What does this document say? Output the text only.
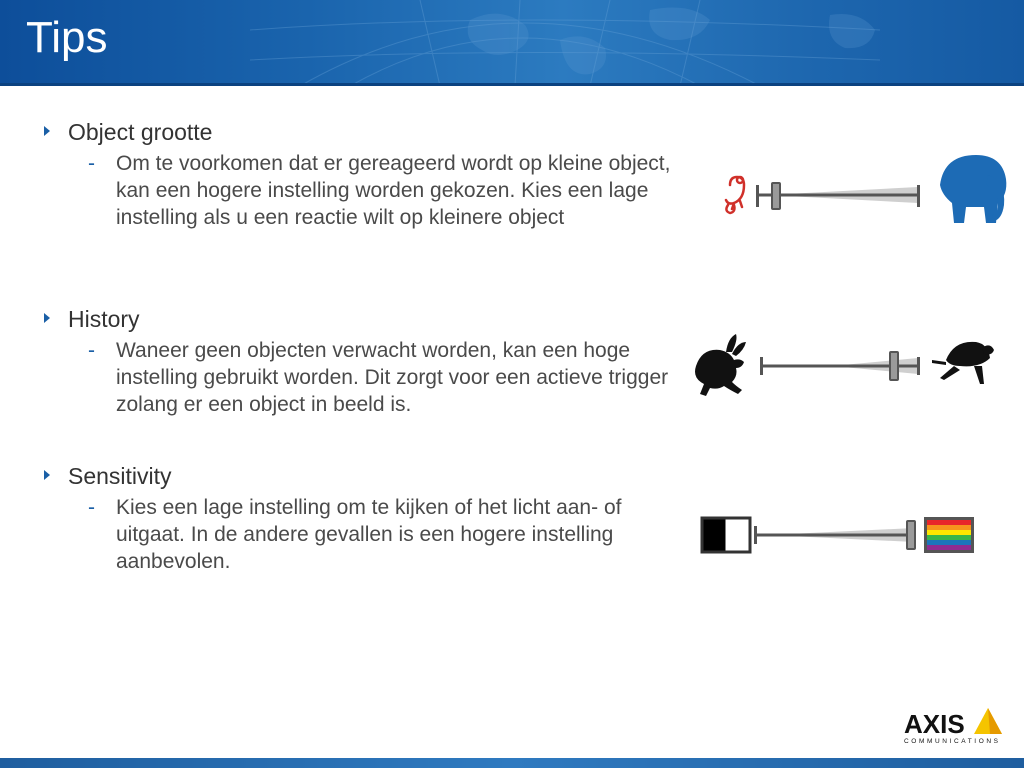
Tips
Object grootte
- Om te voorkomen dat er gereageerd wordt op kleine object, kan een hogere instelling worden gekozen. Kies een lage instelling als u een reactie wilt op kleinere object
History
- Waneer geen objecten verwacht worden, kan een hoge instelling gebruikt worden. Dit zorgt voor een actieve trigger zolang er een object in beeld is.
Sensitivity
- Kies een lage instelling om te kijken of het licht aan- of uitgaat. In de andere gevallen is een hogere instelling aanbevolen.
AXIS
COMMUNICATIONS
